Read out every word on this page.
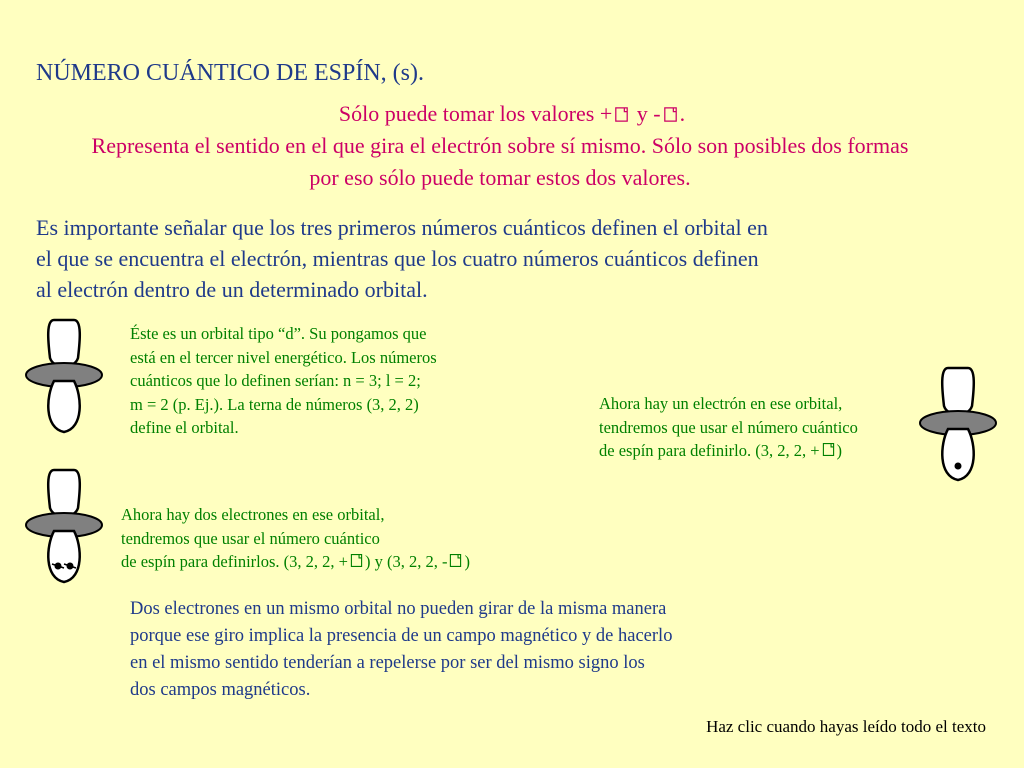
NÚMERO CUÁNTICO DE ESPÍN, (s).
Sólo puede tomar los valores +
y - .
Representa el sentido en el que gira el electrón sobre sí mismo. Sólo son posibles dos formas
por eso sólo puede tomar estos dos valores.
Es importante señalar que los tres primeros números cuánticos definen el orbital en
el que se encuentra el electrón, mientras que los cuatro números cuánticos definen
al electrón dentro de un determinado orbital.
Éste es un orbital tipo “d”. Su pongamos que
está en el tercer nivel energético. Los números
cuánticos que lo definen serían: n = 3; l = 2;
m = 2 (p. Ej.). La terna de números (3, 2, 2)
define el orbital.
Ahora hay un electrón en ese orbital,
tendremos que usar el número cuántico
de espín para definirlo. (3, 2, 2, + )
Ahora hay dos electrones en ese orbital,
tendremos que usar el número cuántico
de espín para definirlos. (3, 2, 2, + ) y (3, 2, 2, - )
Dos electrones en un mismo orbital no pueden girar de la misma manera
porque ese giro implica la presencia de un campo magnético y de hacerlo
en el mismo sentido tenderían a repelerse por ser del mismo signo los
dos campos magnéticos.
Haz clic cuando hayas leído todo el texto
